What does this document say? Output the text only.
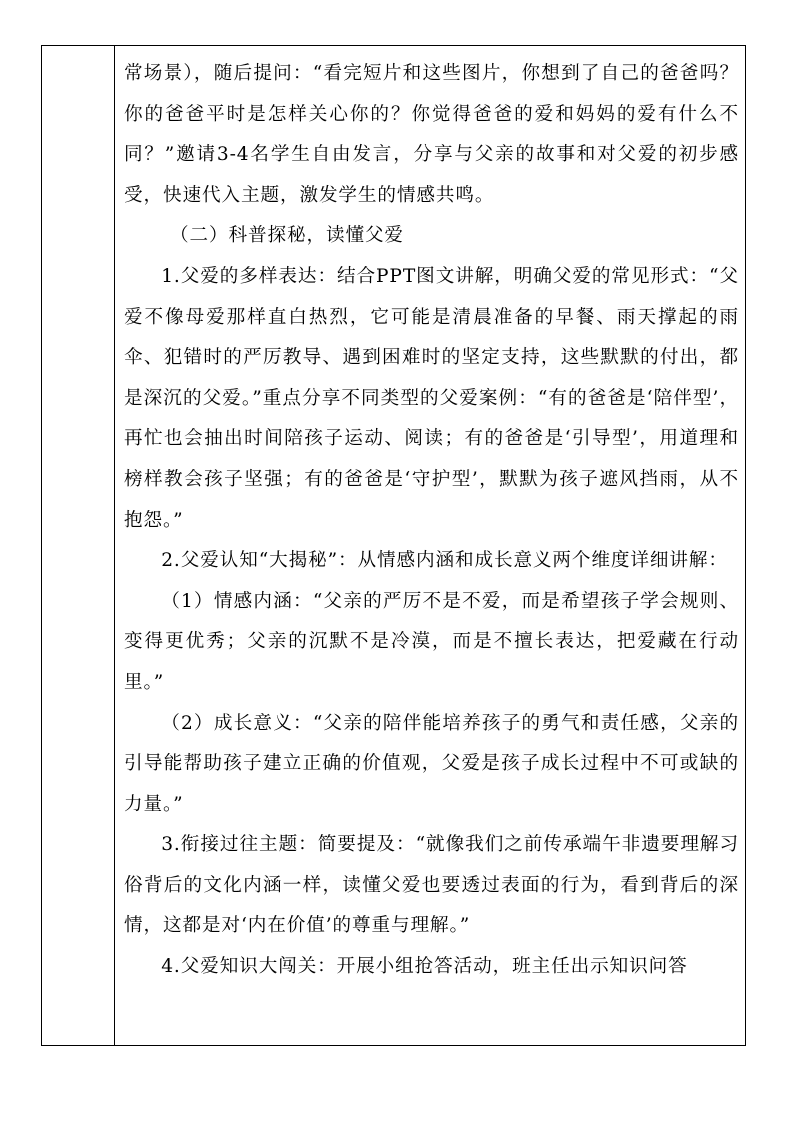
常场景），随后提问：“看完短片和这些图片，你想到了自己的爸爸吗？你的爸爸平时是怎样关心你的？你觉得爸爸的爱和妈妈的爱有什么不同？”邀请3-4名学生自由发言，分享与父亲的故事和对父爱的初步感受，快速代入主题，激发学生的情感共鸣。

（二）科普探秘，读懂父爱

1.父爱的多样表达：结合PPT图文讲解，明确父爱的常见形式：“父爱不像母爱那样直白热烈，它可能是清晨准备的早餐、雨天撑起的雨伞、犯错时的严厉教导、遇到困难时的坚定支持，这些默默的付出，都是深沉的父爱。”重点分享不同类型的父爱案例：“有的爸爸是‘陪伴型’，再忙也会抽出时间陪孩子运动、阅读；有的爸爸是‘引导型’，用道理和榜样教会孩子坚强；有的爸爸是‘守护型’，默默为孩子遮风挡雨，从不抱怨。”

2.父爱认知“大揭秘”：从情感内涵和成长意义两个维度详细讲解：

（1）情感内涵：“父亲的严厉不是不爱，而是希望孩子学会规则、变得更优秀；父亲的沉默不是冷漠，而是不擅长表达，把爱藏在行动里。”

（2）成长意义：“父亲的陪伴能培养孩子的勇气和责任感，父亲的引导能帮助孩子建立正确的价值观，父爱是孩子成长过程中不可或缺的力量。”

3.衔接过往主题：简要提及：“就像我们之前传承端午非遗要理解习俗背后的文化内涵一样，读懂父爱也要透过表面的行为，看到背后的深情，这都是对‘内在价值’的尊重与理解。”

4.父爱知识大闯关：开展小组抢答活动，班主任出示知识问答
